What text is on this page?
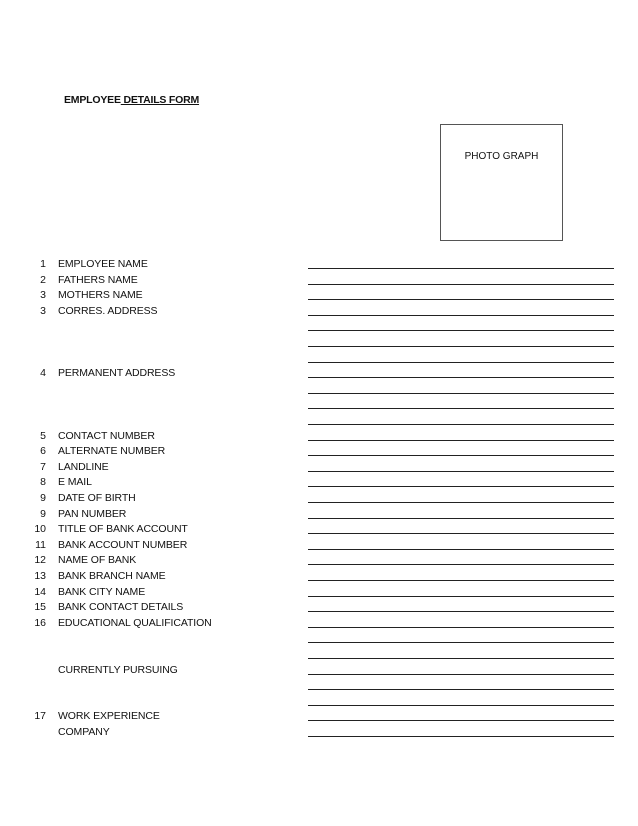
EMPLOYEE DETAILS FORM
PHOTO GRAPH
1 EMPLOYEE NAME
2 FATHERS NAME
3 MOTHERS NAME
3 CORRES. ADDRESS
4 PERMANENT ADDRESS
5 CONTACT NUMBER
6 ALTERNATE NUMBER
7 LANDLINE
8 E MAIL
9 DATE OF BIRTH
9 PAN NUMBER
10 TITLE OF BANK ACCOUNT
11 BANK ACCOUNT NUMBER
12 NAME OF BANK
13 BANK BRANCH NAME
14 BANK CITY NAME
15 BANK CONTACT DETAILS
16 EDUCATIONAL QUALIFICATION
CURRENTLY PURSUING
17 WORK EXPERIENCE
COMPANY
